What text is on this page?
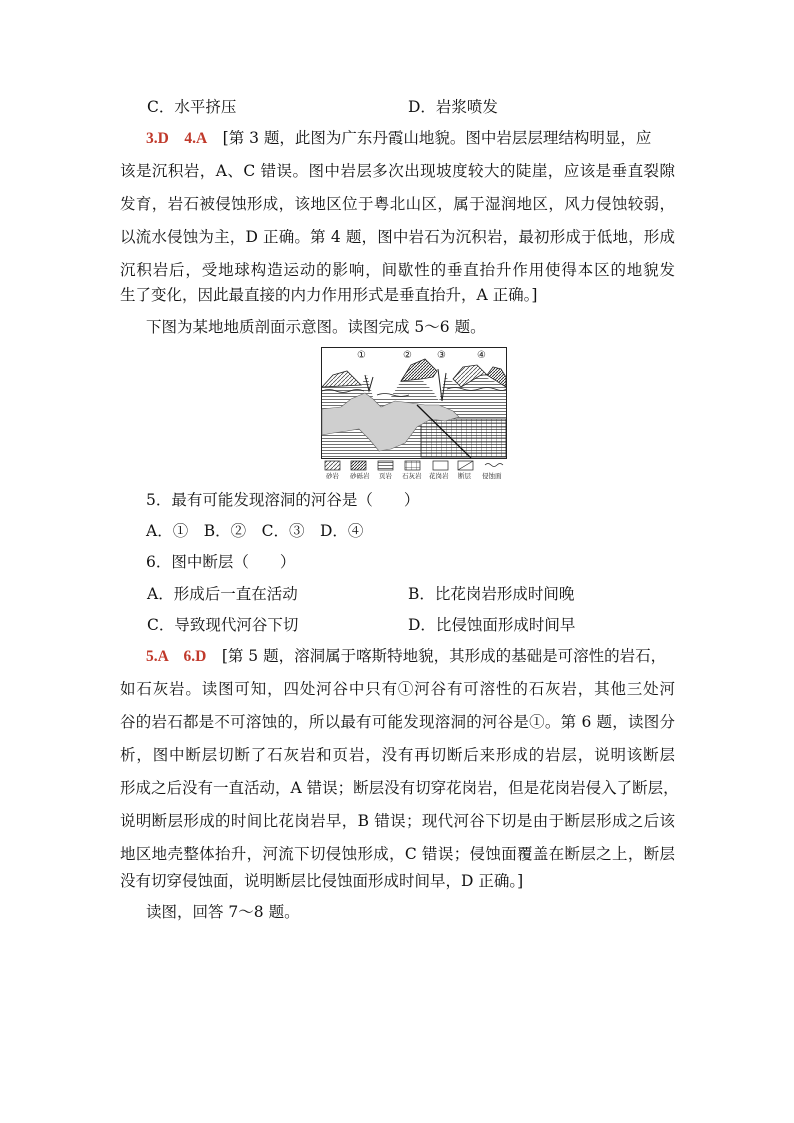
C．水平挤压	D．岩浆喷发
3.D　4.A　 [第 3 题，此图为广东丹霞山地貌。图中岩层层理结构明显，应
该是沉积岩，A、C 错误。图中岩层多次出现坡度较大的陡崖，应该是垂直裂隙
发育，岩石被侵蚀形成，该地区位于粤北山区，属于湿润地区，风力侵蚀较弱，
以流水侵蚀为主，D 正确。第 4 题，图中岩石为沉积岩，最初形成于低地，形成
沉积岩后，受地球构造运动的影响，间歇性的垂直抬升作用使得本区的地貌发
生了变化，因此最直接的内力作用形式是垂直抬升，A 正确。]
下图为某地地质剖面示意图。读图完成 5～6 题。
①	②	③	④
砂岩 砂砾岩 页岩 石灰岩 花岗岩 断层 侵蚀面
5．最有可能发现溶洞的河谷是（　　）
A．①　B．②　C．③　D．④
6．图中断层（　　）
A．形成后一直在活动	B．比花岗岩形成时间晚
C．导致现代河谷下切	D．比侵蚀面形成时间早
5.A　6.D　 [第 5 题，溶洞属于喀斯特地貌，其形成的基础是可溶性的岩石，
如石灰岩。读图可知，四处河谷中只有①河谷有可溶性的石灰岩，其他三处河
谷的岩石都是不可溶蚀的，所以最有可能发现溶洞的河谷是①。第 6 题，读图分
析，图中断层切断了石灰岩和页岩，没有再切断后来形成的岩层，说明该断层
形成之后没有一直活动，A 错误；断层没有切穿花岗岩，但是花岗岩侵入了断层，
说明断层形成的时间比花岗岩早，B 错误；现代河谷下切是由于断层形成之后该
地区地壳整体抬升，河流下切侵蚀形成，C 错误；侵蚀面覆盖在断层之上，断层
没有切穿侵蚀面，说明断层比侵蚀面形成时间早，D 正确。]
读图，回答 7～8 题。
